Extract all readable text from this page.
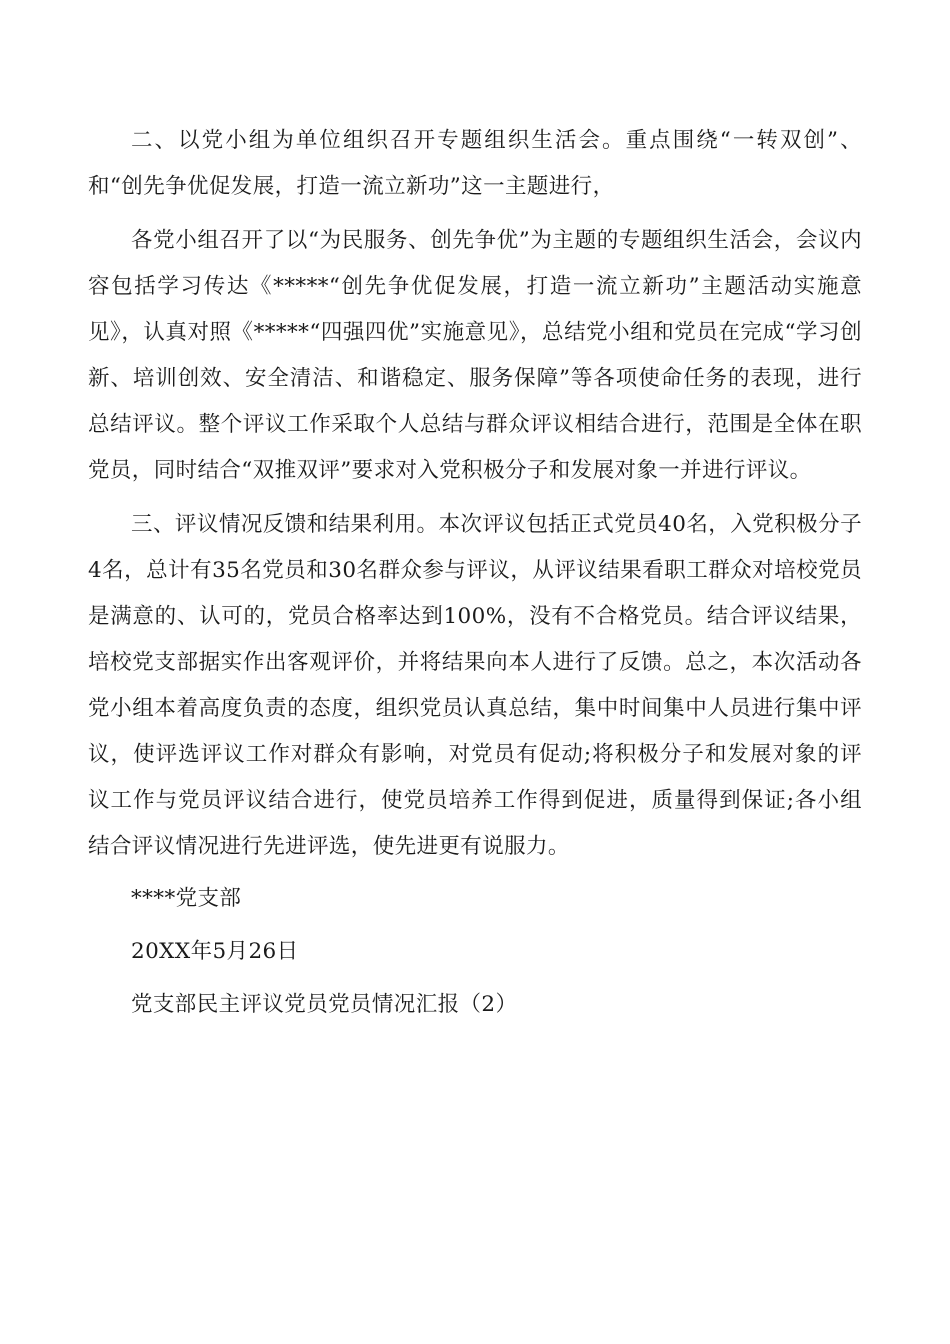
二、以党小组为单位组织召开专题组织生活会。重点围绕“一转双创”、和“创先争优促发展，打造一流立新功”这一主题进行，

各党小组召开了以“为民服务、创先争优”为主题的专题组织生活会，会议内容包括学习传达《*****“创先争优促发展，打造一流立新功”主题活动实施意见》，认真对照《*****“四强四优”实施意见》，总结党小组和党员在完成“学习创新、培训创效、安全清洁、和谐稳定、服务保障”等各项使命任务的表现，进行总结评议。整个评议工作采取个人总结与群众评议相结合进行，范围是全体在职党员，同时结合“双推双评”要求对入党积极分子和发展对象一并进行评议。

三、评议情况反馈和结果利用。本次评议包括正式党员40名，入党积极分子4名，总计有35名党员和30名群众参与评议，从评议结果看职工群众对培校党员是满意的、认可的，党员合格率达到100%，没有不合格党员。结合评议结果，培校党支部据实作出客观评价，并将结果向本人进行了反馈。总之，本次活动各党小组本着高度负责的态度，组织党员认真总结，集中时间集中人员进行集中评议，使评选评议工作对群众有影响，对党员有促动;将积极分子和发展对象的评议工作与党员评议结合进行，使党员培养工作得到促进，质量得到保证;各小组结合评议情况进行先进评选，使先进更有说服力。

****党支部

20XX年5月26日

党支部民主评议党员党员情况汇报（2）
